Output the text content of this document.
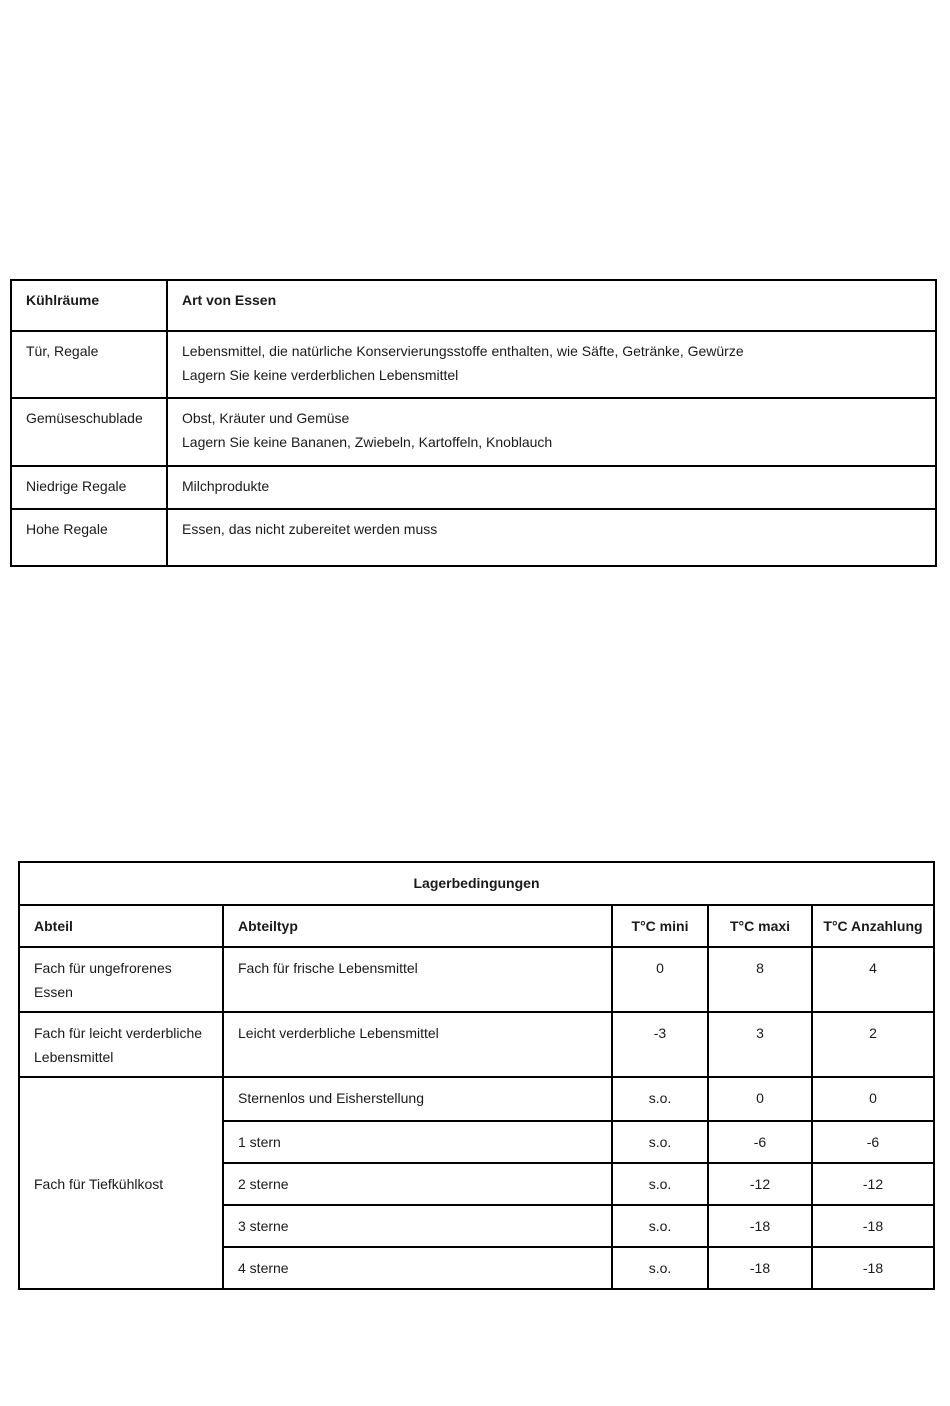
Kühlräume	Art von Essen
Tür, Regale	Lebensmittel, die natürliche Konservierungsstoffe enthalten, wie Säfte, Getränke, Gewürze
Lagern Sie keine verderblichen Lebensmittel

Gemüseschublade	Obst, Kräuter und Gemüse
Lagern Sie keine Bananen, Zwiebeln, Kartoffeln, Knoblauch

Niedrige Regale	Milchprodukte

Hohe Regale	Essen, das nicht zubereitet werden muss
Lagerbedingungen				
Abteil	Abteiltyp	T°C mini	T°C maxi	T°C Anzahlung

Fach für ungefrorenes Essen	Fach für frische Lebensmittel	0	8	4

Fach für leicht verderbliche
Lebensmittel	Leicht verderbliche Lebensmittel	-3	3	2
Fach für Tiefkühlkost	Sternenlos und Eisherstellung	s.o.	0	0
	1 stern	s.o.	-6	-6
	2 sterne	s.o.	-12	-12
	3 sterne	s.o.	-18	-18
	4 sterne	s.o.	-18	-18
